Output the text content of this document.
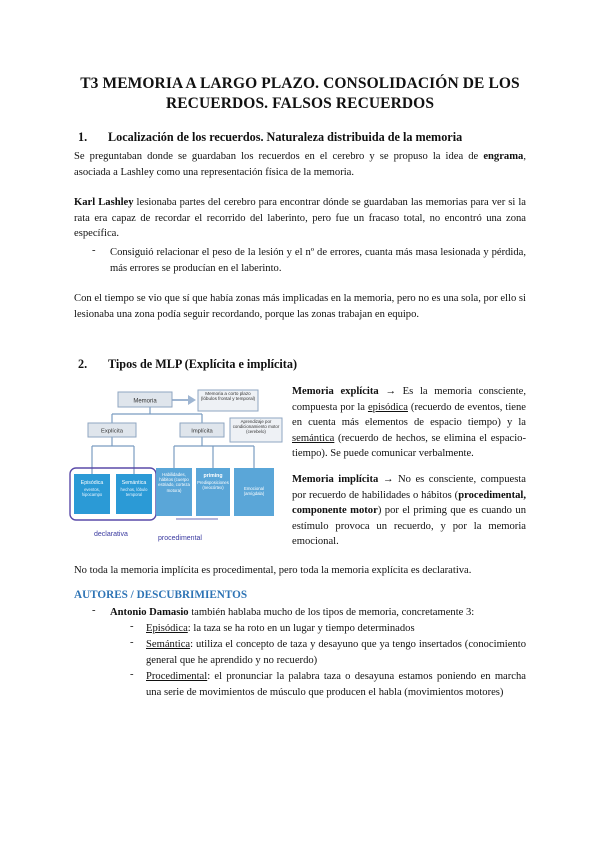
T3 MEMORIA A LARGO PLAZO. CONSOLIDACIÓN DE LOS
RECUERDOS. FALSOS RECUERDOS
1. Localización de los recuerdos. Naturaleza distribuida de la memoria
Se preguntaban donde se guardaban los recuerdos en el cerebro y se propuso la idea de engrama, asociada a Lashley como una representación física de la memoria.
Karl Lashley lesionaba partes del cerebro para encontrar dónde se guardaban las memorias para ver si la rata era capaz de recordar el recorrido del laberinto, pero fue un fracaso total, no encontró una zona específica.
- Consiguió relacionar el peso de la lesión y el nº de errores, cuanta más masa lesionada y pérdida, más errores se producían en el laberinto.
Con el tiempo se vio que sí que había zonas más implicadas en la memoria, pero no es una sola, por ello si lesionaba una zona podía seguir recordando, porque las zonas trabajan en equipo.
2. Tipos de MLP (Explícita e implícita)
Memoria
Memoria a corto plazo (lóbulos frontal y temporal)
Explícita	Implícita
Aprendizaje por condicionamiento motor (cerebelo)
Episódica
eventos, hipocampo
Semántica
hechos, lóbulo temporal
Habilidades, hábitos (cuerpo estriado, corteza motora)
priming
Predisposiciones (neocórtex)	Emocional (amígdala)
declarativa
procedimental
Memoria explícita → Es la memoria consciente, compuesta por la episódica (recuerdo de eventos, tiene en cuenta más elementos de espacio tiempo) y la semántica (recuerdo de hechos, se elimina el espacio-tiempo). Se puede comunicar verbalmente.
Memoria implícita → No es consciente, compuesta por recuerdo de habilidades o hábitos (procedimental, componente motor) por el priming que es cuando un estímulo provoca un recuerdo, y por la memoria emocional.
No toda la memoria implícita es procedimental, pero toda la memoria explícita es declarativa.
AUTORES / DESCUBRIMIENTOS
- Antonio Damasio también hablaba mucho de los tipos de memoria, concretamente 3:
- Episódica: la taza se ha roto en un lugar y tiempo determinados
- Semántica: utiliza el concepto de taza y desayuno que ya tengo insertados (conocimiento general que he aprendido y no recuerdo)
- Procedimental: el pronunciar la palabra taza o desayuna estamos poniendo en marcha una serie de movimientos de músculo que producen el habla (movimientos motores)
